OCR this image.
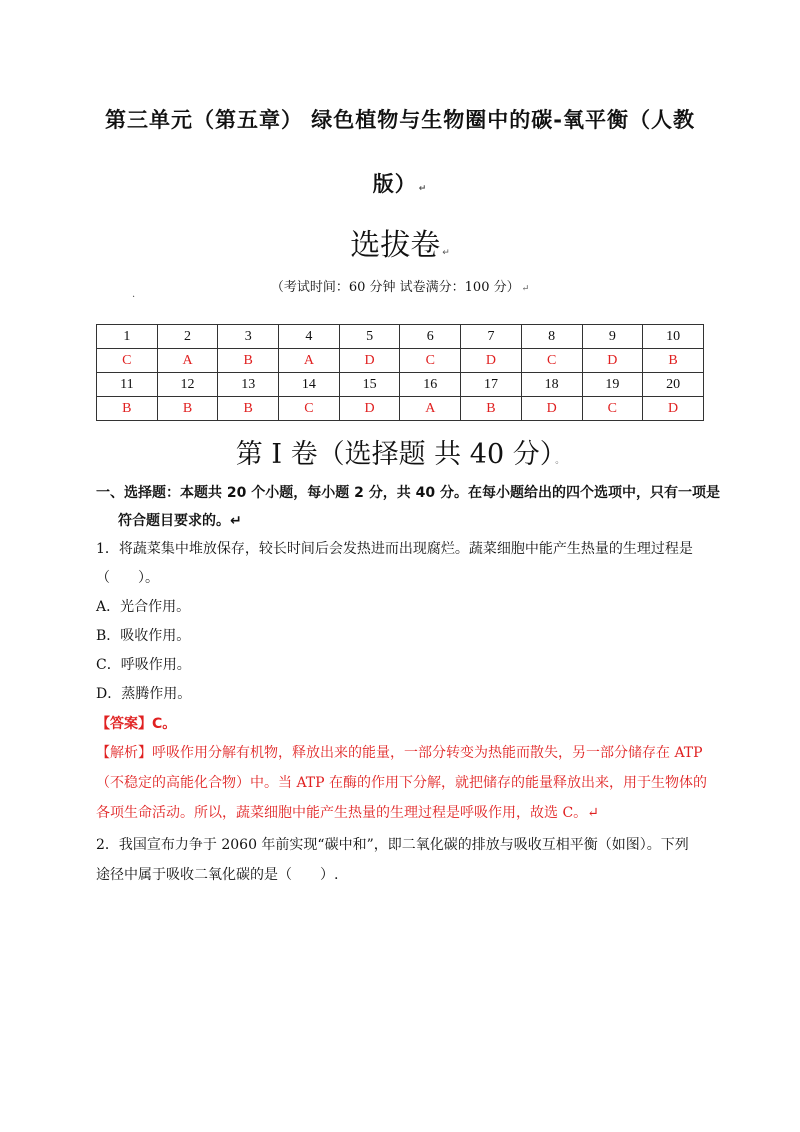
第三单元（第五章） 绿色植物与生物圈中的碳-氧平衡（人教
版） ↵
选拔卷 ↵
（考试时间：60 分钟 试卷满分：100 分） ↵
·
1	2	3	4	5	6	7	8	9	10
C	A	B	A	D	C	D	C	D	B
11	12	13	14	15	16	17	18	19	20
B	B	B	C	D	A	B	D	C	D
第 I 卷（选择题 共 40 分） 。
一、选择题：本题共 20 个小题，每小题 2 分，共 40 分。在每小题给出的四个选项中，只有一项是
符合题目要求的。↵
1．将蔬菜集中堆放保存，较长时间后会发热进而出现腐烂。蔬菜细胞中能产生热量的生理过程是
（　　）。
A．光合作用。
B．吸收作用。
C．呼吸作用。
D．蒸腾作用。
【答案】C。
【解析】呼吸作用分解有机物，释放出来的能量，一部分转变为热能而散失，另一部分储存在 ATP
（不稳定的高能化合物）中。当 ATP 在酶的作用下分解，就把储存的能量释放出来，用于生物体的
各项生命活动。所以，蔬菜细胞中能产生热量的生理过程是呼吸作用，故选 C。↵
2．我国宣布力争于 2060 年前实现“碳中和”，即二氧化碳的排放与吸收互相平衡（如图）。下列
途径中属于吸收二氧化碳的是（　　）.
